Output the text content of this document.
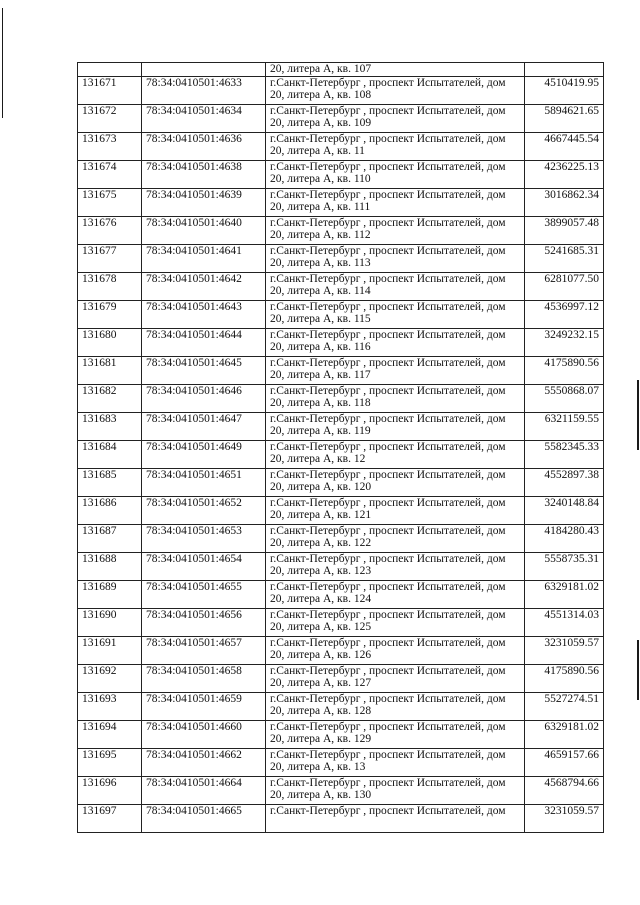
		20, литера А, кв. 107	

131671	78:34:0410501:4633	г.Санкт-Петербург , проспект Испытателей, дом
20, литера А, кв. 108	4510419.95
131672	78:34:0410501:4634	г.Санкт-Петербург , проспект Испытателей, дом
20, литера А, кв. 109	5894621.65
131673	78:34:0410501:4636	г.Санкт-Петербург , проспект Испытателей, дом
20, литера А, кв. 11	4667445.54
131674	78:34:0410501:4638	г.Санкт-Петербург , проспект Испытателей, дом
20, литера А, кв. 110	4236225.13
131675	78:34:0410501:4639	г.Санкт-Петербург , проспект Испытателей, дом
20, литера А, кв. 111	3016862.34
131676	78:34:0410501:4640	г.Санкт-Петербург , проспект Испытателей, дом
20, литера А, кв. 112	3899057.48
131677	78:34:0410501:4641	г.Санкт-Петербург , проспект Испытателей, дом
20, литера А, кв. 113	5241685.31
131678	78:34:0410501:4642	г.Санкт-Петербург , проспект Испытателей, дом
20, литера А, кв. 114	6281077.50
131679	78:34:0410501:4643	г.Санкт-Петербург , проспект Испытателей, дом
20, литера А, кв. 115	4536997.12
131680	78:34:0410501:4644	г.Санкт-Петербург , проспект Испытателей, дом
20, литера А, кв. 116	3249232.15
131681	78:34:0410501:4645	г.Санкт-Петербург , проспект Испытателей, дом
20, литера А, кв. 117	4175890.56
131682	78:34:0410501:4646	г.Санкт-Петербург , проспект Испытателей, дом
20, литера А, кв. 118	5550868.07
131683	78:34:0410501:4647	г.Санкт-Петербург , проспект Испытателей, дом
20, литера А, кв. 119	6321159.55
131684	78:34:0410501:4649	г.Санкт-Петербург , проспект Испытателей, дом
20, литера А, кв. 12	5582345.33
131685	78:34:0410501:4651	г.Санкт-Петербург , проспект Испытателей, дом
20, литера А, кв. 120	4552897.38
131686	78:34:0410501:4652	г.Санкт-Петербург , проспект Испытателей, дом
20, литера А, кв. 121	3240148.84
131687	78:34:0410501:4653	г.Санкт-Петербург , проспект Испытателей, дом
20, литера А, кв. 122	4184280.43
131688	78:34:0410501:4654	г.Санкт-Петербург , проспект Испытателей, дом
20, литера А, кв. 123	5558735.31
131689	78:34:0410501:4655	г.Санкт-Петербург , проспект Испытателей, дом
20, литера А, кв. 124	6329181.02
131690	78:34:0410501:4656	г.Санкт-Петербург , проспект Испытателей, дом
20, литера А, кв. 125	4551314.03
131691	78:34:0410501:4657	г.Санкт-Петербург , проспект Испытателей, дом
20, литера А, кв. 126	3231059.57
131692	78:34:0410501:4658	г.Санкт-Петербург , проспект Испытателей, дом
20, литера А, кв. 127	4175890.56
131693	78:34:0410501:4659	г.Санкт-Петербург , проспект Испытателей, дом
20, литера А, кв. 128	5527274.51
131694	78:34:0410501:4660	г.Санкт-Петербург , проспект Испытателей, дом
20, литера А, кв. 129	6329181.02
131695	78:34:0410501:4662	г.Санкт-Петербург , проспект Испытателей, дом
20, литера А, кв. 13	4659157.66
131696	78:34:0410501:4664	г.Санкт-Петербург , проспект Испытателей, дом
20, литера А, кв. 130	4568794.66
131697	78:34:0410501:4665	г.Санкт-Петербург , проспект Испытателей, дом	3231059.57
